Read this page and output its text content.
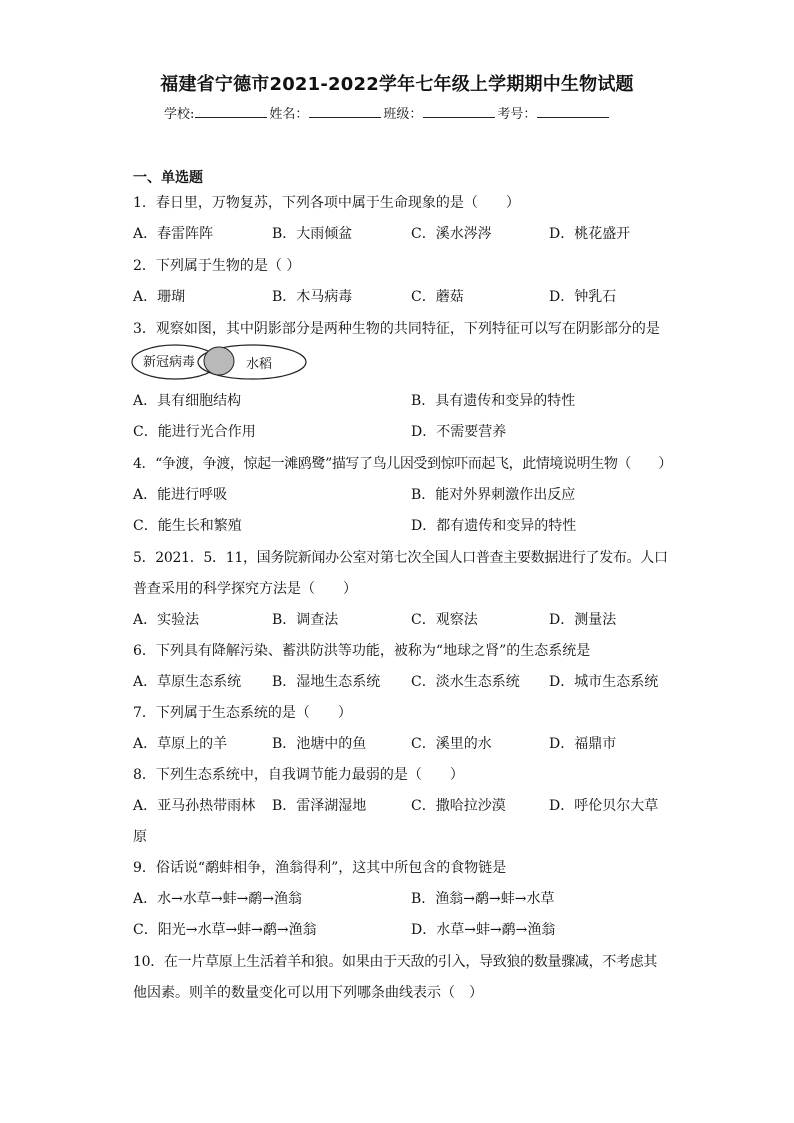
福建省宁德市2021-2022学年七年级上学期期中生物试题
学校:	姓名：	班级：	考号：
一、单选题
1．春日里，万物复苏，下列各项中属于生命现象的是（　　）
A．春雷阵阵	B．大雨倾盆	C．溪水涔涔	D．桃花盛开
2．下列属于生物的是（ ）
A．珊瑚	B．木马病毒	C．蘑菇	D．钟乳石
3．观察如图，其中阴影部分是两种生物的共同特征，下列特征可以写在阴影部分的是
新冠病毒	水稻
A．具有细胞结构	B．具有遗传和变异的特性
C．能进行光合作用	D．不需要营养
4．“争渡，争渡，惊起一滩鸥鹭”描写了鸟儿因受到惊吓而起飞，此情境说明生物（　　）
A．能进行呼吸	B．能对外界刺激作出反应
C．能生长和繁殖	D．都有遗传和变异的特性
5．2021．5．11，国务院新闻办公室对第七次全国人口普查主要数据进行了发布。人口
普查采用的科学探究方法是（　　）
A．实验法	B．调查法	C．观察法	D．测量法
6．下列具有降解污染、蓄洪防洪等功能，被称为“地球之肾”的生态系统是
A．草原生态系统 B．湿地生态系统 C．淡水生态系统 D．城市生态系统
7．下列属于生态系统的是（　　）
A．草原上的羊	B．池塘中的鱼	C．溪里的水	D．福鼎市
8．下列生态系统中，自我调节能力最弱的是（　　）
A．亚马孙热带雨林 B．雷泽湖湿地	C．撒哈拉沙漠	D．呼伦贝尔大草
原
9．俗话说“鹬蚌相争，渔翁得利”，这其中所包含的食物链是
A．水→水草→蚌→鹬→渔翁	B．渔翁→鹬→蚌→水草
C．阳光→水草→蚌→鹬→渔翁	D．水草→蚌→鹬→渔翁
10．在一片草原上生活着羊和狼。如果由于天敌的引入，导致狼的数量骤减，不考虑其
他因素。则羊的数量变化可以用下列哪条曲线表示（　）
